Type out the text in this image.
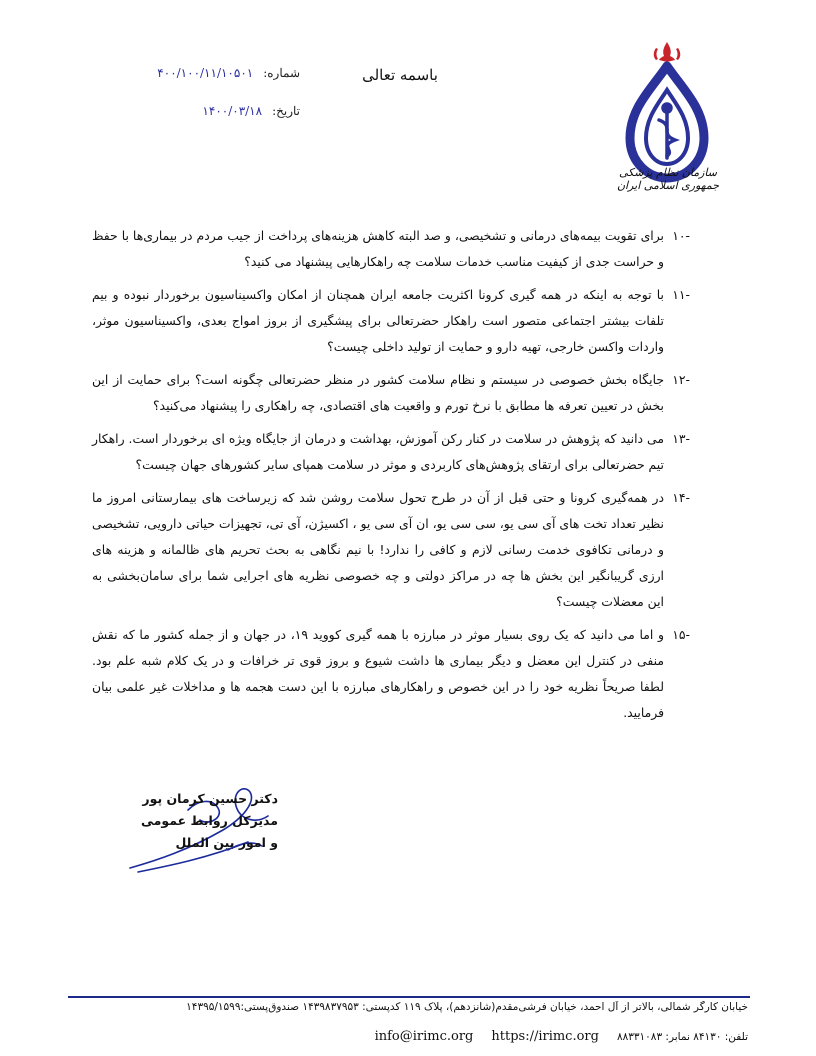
باسمه تعالی
شماره:
۴۰۰/۱۰۰/۱۱/۱۰۵۰۱
تاریخ:
۱۴۰۰/۰۳/۱۸
سازمان نظام پزشکی جمهوری اسلامی ایران
-۱۰
برای تقویت بیمه‌های درمانی و تشخیصی، و صد البته کاهش هزینه‌های پرداخت از جیب مردم در بیماری‌ها با حفظ و حراست جدی از کیفیت مناسب خدمات سلامت چه راهکارهایی پیشنهاد می کنید؟
-۱۱
با توجه به اینکه در همه گیری کرونا اکثریت جامعه ایران همچنان از امکان واکسیناسیون برخوردار نبوده و بیم تلفات بیشتر اجتماعی متصور است راهکار حضرتعالی برای پیشگیری از بروز امواج بعدی، واکسیناسیون موثر، واردات واکسن خارجی، تهیه دارو و حمایت از تولید داخلی چیست؟
-۱۲
جایگاه بخش خصوصی در سیستم و نظام سلامت کشور در منظر حضرتعالی چگونه است؟ برای حمایت از این بخش در تعیین تعرفه ها مطابق با نرخ تورم و واقعیت های اقتصادی، چه راهکاری را پیشنهاد می‌کنید؟
-۱۳
می دانید که پژوهش در سلامت در کنار رکن آموزش، بهداشت و درمان از جایگاه ویژه ای برخوردار است. راهکار تیم حضرتعالی برای ارتقای پژوهش‌های کاربردی و موثر در سلامت همپای سایر کشورهای جهان چیست؟
-۱۴
در همه‌گیری کرونا و حتی قبل از آن در طرح تحول سلامت روشن شد که زیرساخت های بیمارستانی امروز ما نظیر تعداد تخت های آی سی یو، سی سی یو، ان آی سی یو ، اکسیژن، آی تی، تجهیزات حیاتی دارویی، تشخیصی و درمانی تکافوی خدمت رسانی لازم و کافی را ندارد! با نیم نگاهی به بحث تحریم های ظالمانه و هزینه های ارزی گریبانگیر این بخش ها چه در مراکز دولتی و چه خصوصی نظریه های اجرایی شما برای سامان‌بخشی به این معضلات چیست؟
-۱۵
و اما می دانید که یک روی بسیار موثر در مبارزه با همه گیری کووید ۱۹، در جهان و از جمله کشور ما که نقش منفی در کنترل این معضل و دیگر بیماری ها داشت شیوع و بروز قوی تر خرافات و در یک کلام شبه علم بود. لطفا صریحاً نظریه خود را در این خصوص و راهکارهای مبارزه با این دست هجمه ها و مداخلات غیر علمی بیان فرمایید.
دکتر حسین کرمان پور
مدیرکل روابط عمومی
و امور بین الملل
خیابان کارگر شمالی، بالاتر از آل احمد، خیابان فرشی‌مقدم(شانزدهم)، پلاک ۱۱۹ کدپستی: ۱۴۳۹۸۳۷۹۵۳ صندوق‌پستی:۱۴۳۹۵/۱۵۹۹
تلفن: ۸۴۱۳۰ نمابر: ۸۸۳۳۱۰۸۳
https://irimc.org
info@irimc.org
